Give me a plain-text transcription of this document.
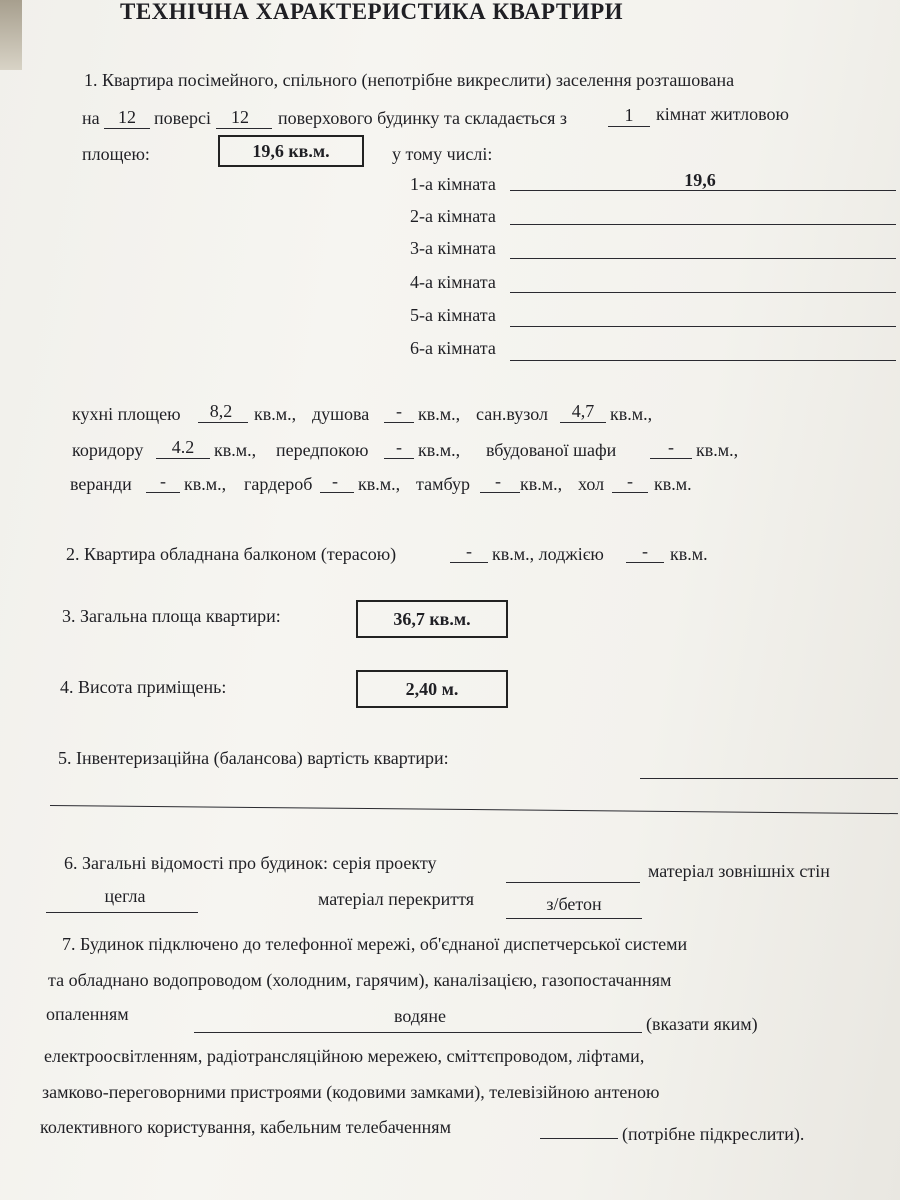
ТЕХНІЧНА ХАРАКТЕРИСТИКА КВАРТИРИ
1. Квартира посімейного, спільного (непотрібне викреслити) заселення розташована
на	12	поверсі	12	поверхового будинку та складається з	1	кімнат житловою
площею:	19,6 кв.м.	у тому числі:
1-а кімната	19,6
2-а кімната
3-а кімната
4-а кімната
5-а кімната
6-а кімната
кухні площею	8,2	кв.м., душова	- кв.м., сан.вузол	4,7 кв.м.,
коридору	4.2	кв.м., передпокою	- кв.м., вбудованої шафи	-	кв.м.,
веранди	-	кв.м., гардероб	-	кв.м., тамбур	-	кв.м., хол	-	кв.м.
2. Квартира обладнана балконом (терасою)	-	кв.м., лоджією	-	кв.м.
3. Загальна площа квартири:	36,7 кв.м.
4. Висота приміщень:	2,40 м.
5. Інвентеризаційна (балансова) вартість квартири:
6. Загальні відомості про будинок: серія проекту	матеріал зовнішніх стін
цегла	матеріал перекриття	з/бетон
7. Будинок підключено до телефонної мережі, об'єднаної диспетчерської системи
та обладнано водопроводом (холодним, гарячим), каналізацією, газопостачанням
опаленням	водяне	(вказати яким)
електроосвітленням, радіотрансляційною мережею, сміттєпроводом, ліфтами,
замково-переговорними пристроями (кодовими замками), телевізійною антеною
колективного користування, кабельним телебаченням	(потрібне підкреслити).
